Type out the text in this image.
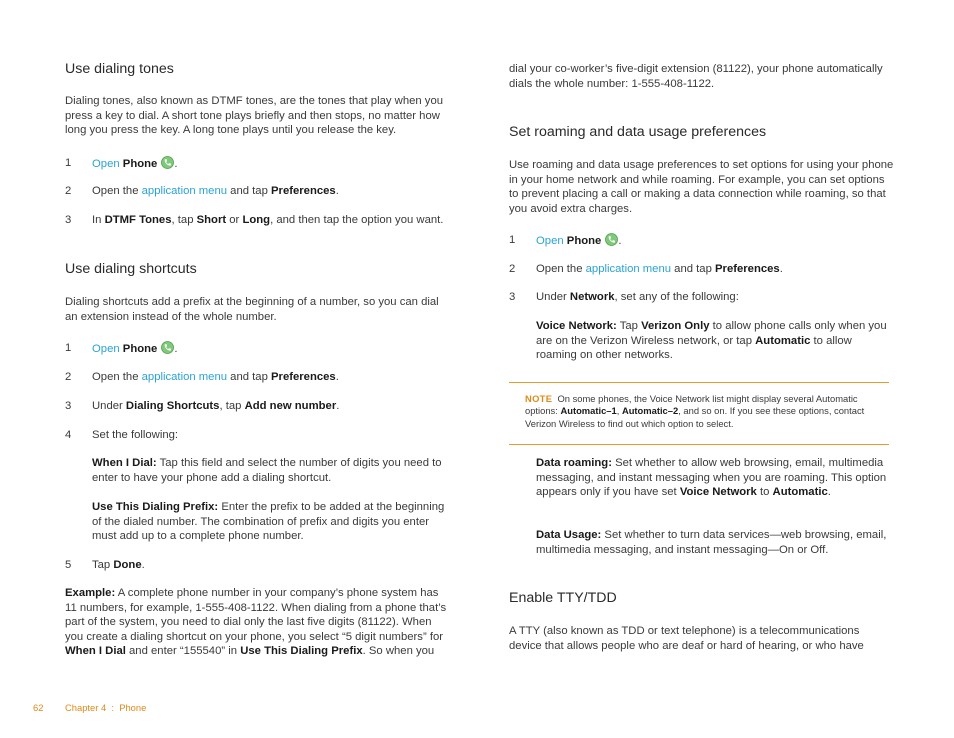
Use dialing tones

Dialing tones, also known as DTMF tones, are the tones that play when you press a key to dial. A short tone plays briefly and then stops, no matter how long you press the key. A long tone plays until you release the key.

1 Open Phone .
2 Open the application menu and tap Preferences.
3 In DTMF Tones, tap Short or Long, and then tap the option you want.
Use dialing shortcuts

Dialing shortcuts add a prefix at the beginning of a number, so you can dial an extension instead of the whole number.

1 Open Phone .
2 Open the application menu and tap Preferences.
3 Under Dialing Shortcuts, tap Add new number.
4 Set the following:

When I Dial: Tap this field and select the number of digits you need to enter to have your phone add a dialing shortcut.

Use This Dialing Prefix: Enter the prefix to be added at the beginning of the dialed number. The combination of prefix and digits you enter must add up to a complete phone number.

5 Tap Done.

Example: A complete phone number in your company’s phone system has 11 numbers, for example, 1-555-408-1122. When dialing from a phone that’s part of the system, you need to dial only the last five digits (81122). When you create a dialing shortcut on your phone, you select “5 digit numbers” for When I Dial and enter “155540” in Use This Dialing Prefix. So when you

dial your co-worker’s five-digit extension (81122), your phone automatically dials the whole number: 1-555-408-1122.

Set roaming and data usage preferences

Use roaming and data usage preferences to set options for using your phone in your home network and while roaming. For example, you can set options to prevent placing a call or making a data connection while roaming, so that you avoid extra charges.

1 Open Phone .
2 Open the application menu and tap Preferences.
3 Under Network, set any of the following:

Voice Network: Tap Verizon Only to allow phone calls only when you are on the Verizon Wireless network, or tap Automatic to allow roaming on other networks.

NOTE On some phones, the Voice Network list might display several Automatic options: Automatic–1, Automatic–2, and so on. If you see these options, contact Verizon Wireless to find out which option to select.

Data roaming: Set whether to allow web browsing, email, multimedia messaging, and instant messaging when you are roaming. This option appears only if you have set Voice Network to Automatic.

Data Usage: Set whether to turn data services—web browsing, email, multimedia messaging, and instant messaging—On or Off.

Enable TTY/TDD

A TTY (also known as TDD or text telephone) is a telecommunications device that allows people who are deaf or hard of hearing, or who have

62 Chapter 4  :  Phone
